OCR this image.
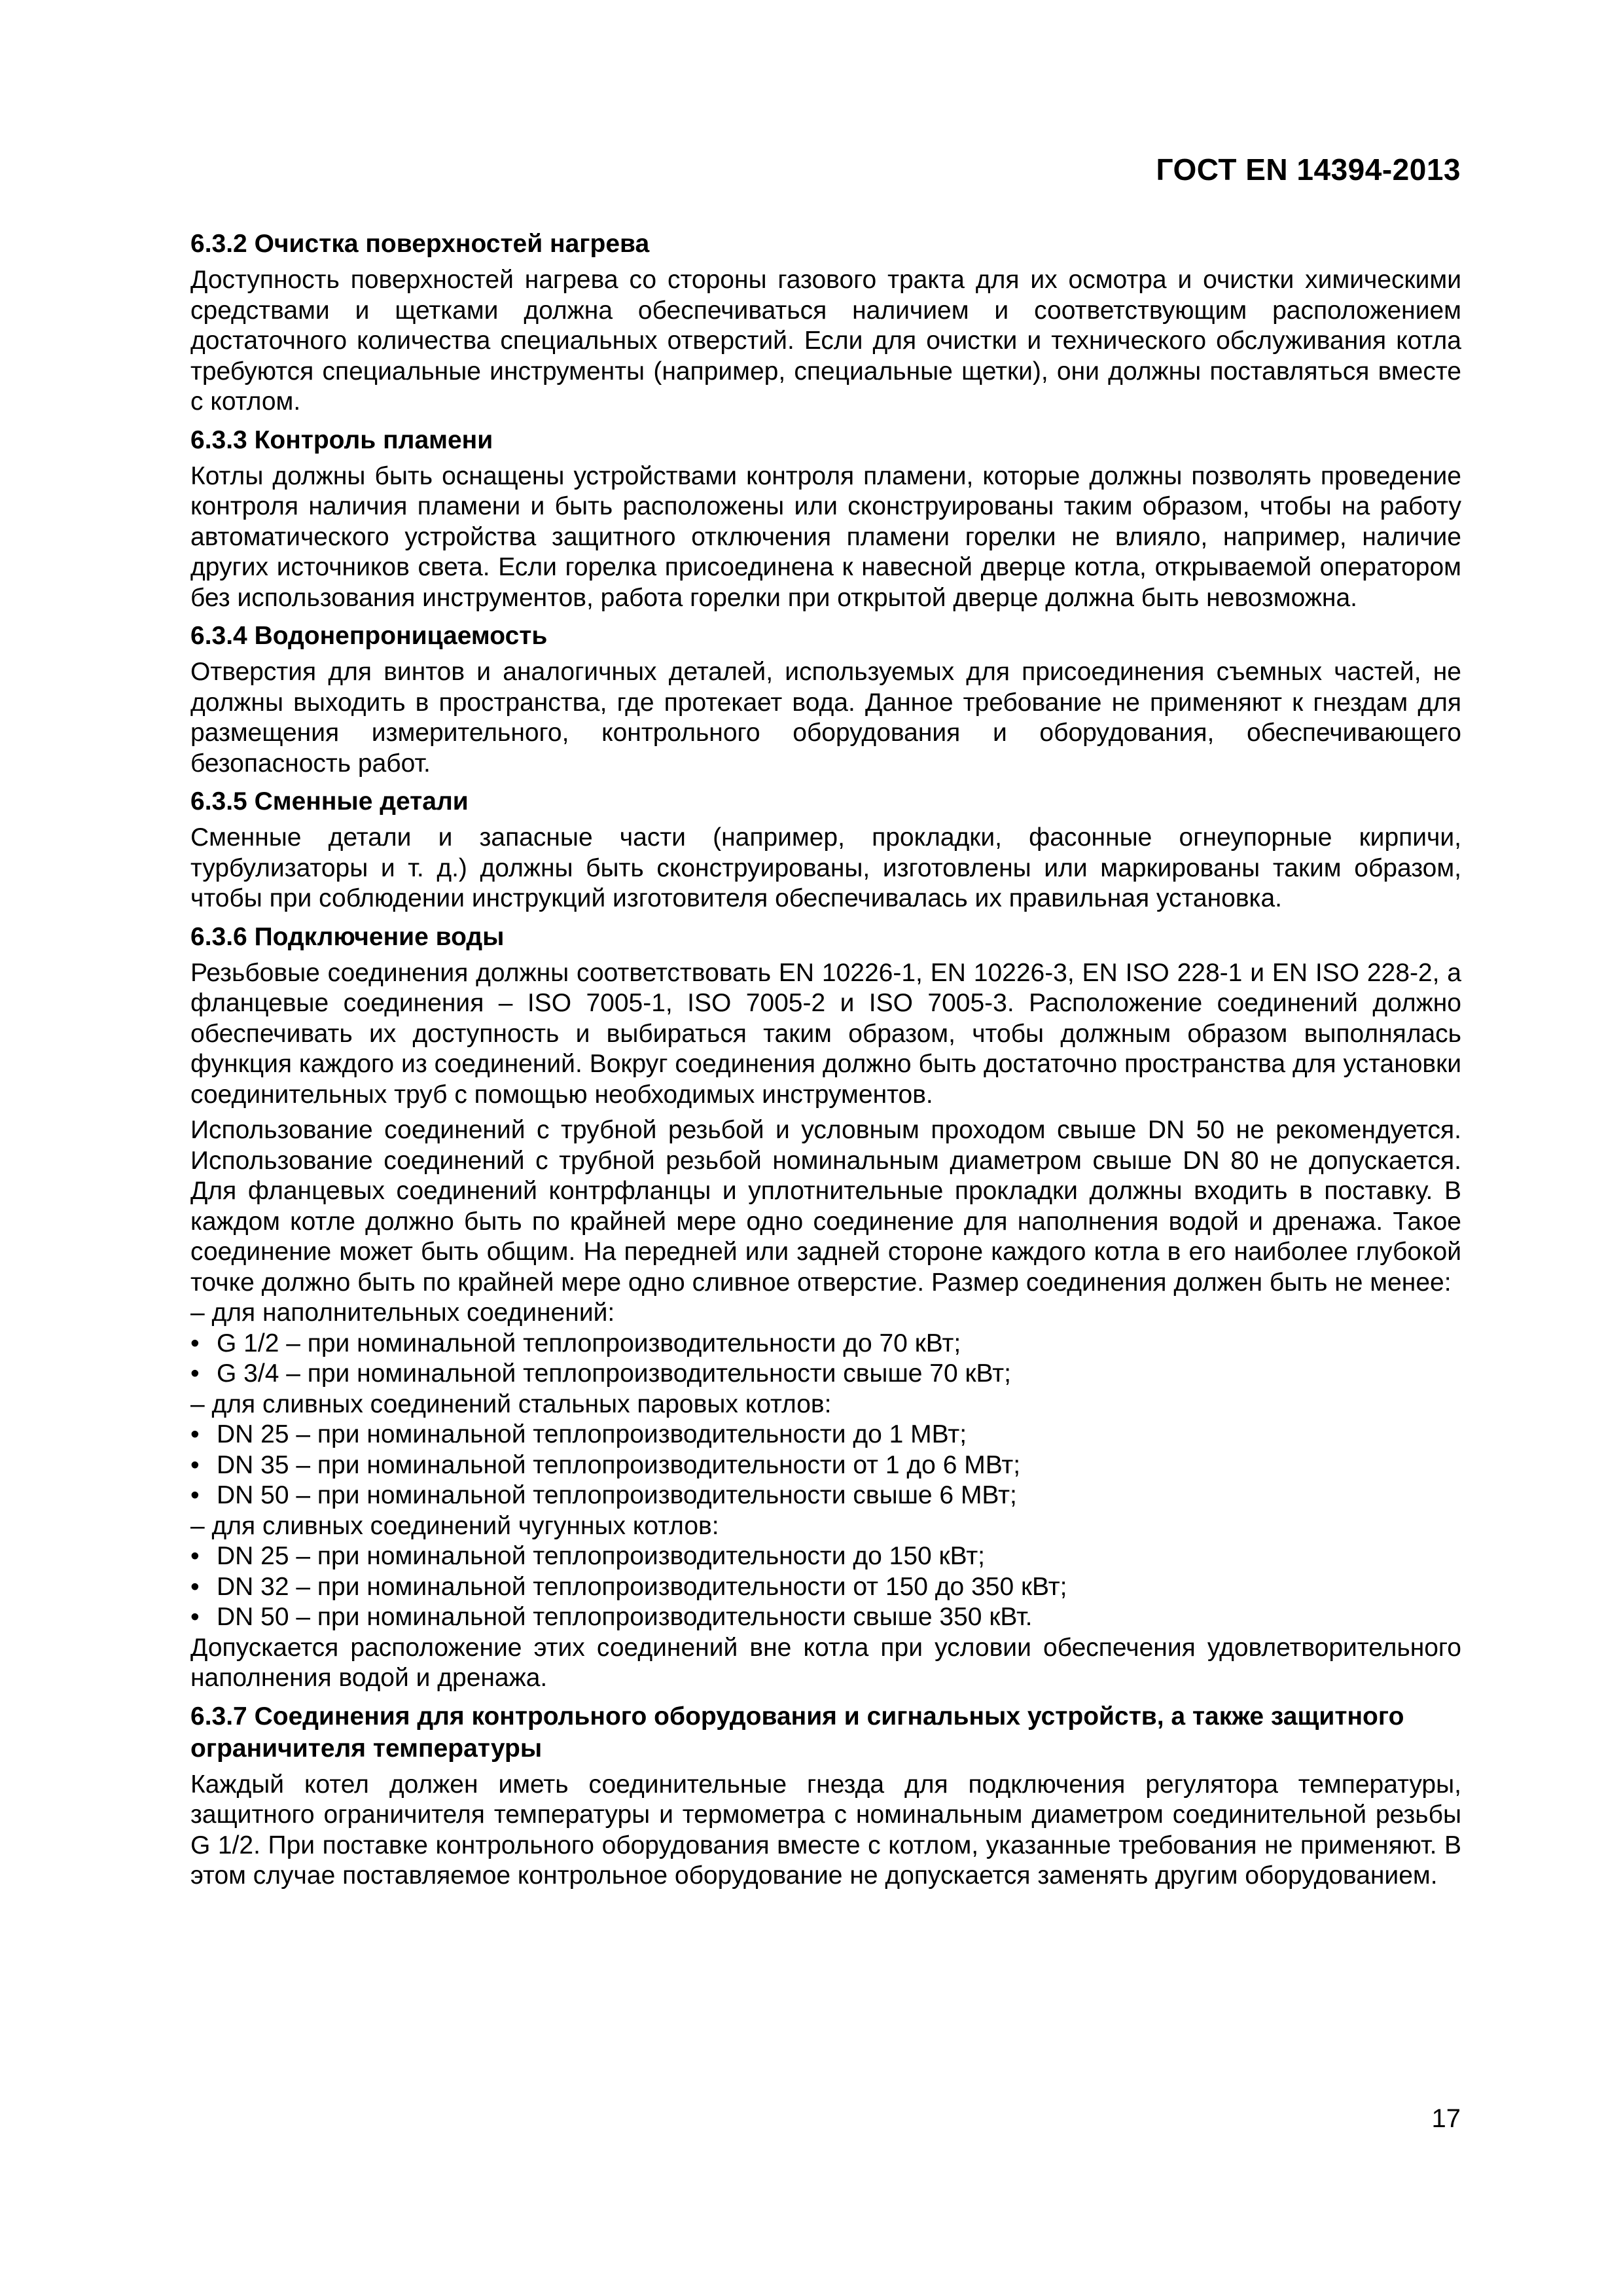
ГОСТ EN 14394-2013
6.3.2 Очистка поверхностей нагрева

Доступность поверхностей нагрева со стороны газового тракта для их осмотра и очистки химическими средствами и щетками должна обеспечиваться наличием и соответствующим расположением достаточного количества специальных отверстий. Если для очистки и технического обслуживания котла требуются специальные инструменты (например, специальные щетки), они должны поставляться вместе с котлом.

6.3.3 Контроль пламени

Котлы должны быть оснащены устройствами контроля пламени, которые должны позволять проведение контроля наличия пламени и быть расположены или сконструированы таким образом, чтобы на работу автоматического устройства защитного отключения пламени горелки не влияло, например, наличие других источников света. Если горелка присоединена к навесной дверце котла, открываемой оператором без использования инструментов, работа горелки при открытой дверце должна быть невозможна.

6.3.4 Водонепроницаемость

Отверстия для винтов и аналогичных деталей, используемых для присоединения съемных частей, не должны выходить в пространства, где протекает вода. Данное требование не применяют к гнездам для размещения измерительного, контрольного оборудования и оборудования, обеспечивающего безопасность работ.

6.3.5 Сменные детали

Сменные детали и запасные части (например, прокладки, фасонные огнеупорные кирпичи, турбулизаторы и т. д.) должны быть сконструированы, изготовлены или маркированы таким образом, чтобы при соблюдении инструкций изготовителя обеспечивалась их правильная установка.

6.3.6 Подключение воды

Резьбовые соединения должны соответствовать EN 10226-1, EN 10226-3, EN ISO 228-1 и EN ISO 228-2, а фланцевые соединения – ISO 7005-1, ISO 7005-2 и ISO 7005-3. Расположение соединений должно обеспечивать их доступность и выбираться таким образом, чтобы должным образом выполнялась функция каждого из соединений. Вокруг соединения должно быть достаточно пространства для установки соединительных труб с помощью необходимых инструментов.

Использование соединений с трубной резьбой и условным проходом свыше DN 50 не рекомендуется. Использование соединений с трубной резьбой номинальным диаметром свыше DN 80 не допускается. Для фланцевых соединений контрфланцы и уплотнительные прокладки должны входить в поставку. В каждом котле должно быть по крайней мере одно соединение для наполнения водой и дренажа. Такое соединение может быть общим. На передней или задней стороне каждого котла в его наиболее глубокой точке должно быть по крайней мере одно сливное отверстие. Размер соединения должен быть не менее:

– для наполнительных соединений:
• G 1/2 – при номинальной теплопроизводительности до 70 кВт;
• G 3/4 – при номинальной теплопроизводительности свыше 70 кВт;
– для сливных соединений стальных паровых котлов:
• DN 25 – при номинальной теплопроизводительности до 1 МВт;
• DN 35 – при номинальной теплопроизводительности от 1 до 6 МВт;
• DN 50 – при номинальной теплопроизводительности свыше 6 МВт;
– для сливных соединений чугунных котлов:
• DN 25 – при номинальной теплопроизводительности до 150 кВт;
• DN 32 – при номинальной теплопроизводительности от 150 до 350 кВт;
• DN 50 – при номинальной теплопроизводительности свыше 350 кВт.

Допускается расположение этих соединений вне котла при условии обеспечения удовлетворительного наполнения водой и дренажа.

6.3.7 Соединения для контрольного оборудования и сигнальных устройств, а также защитного ограничителя температуры

Каждый котел должен иметь соединительные гнезда для подключения регулятора температуры, защитного ограничителя температуры и термометра с номинальным диаметром соединительной резьбы G 1/2. При поставке контрольного оборудования вместе с котлом, указанные требования не применяют. В этом случае поставляемое контрольное оборудование не допускается заменять другим оборудованием.

17
